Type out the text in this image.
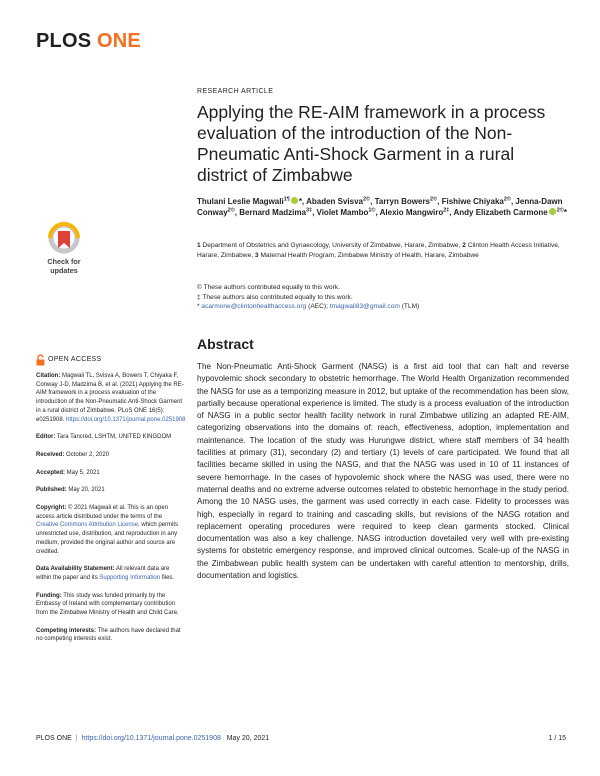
PLOS ONE
RESEARCH ARTICLE
Applying the RE-AIM framework in a process evaluation of the introduction of the Non-Pneumatic Anti-Shock Garment in a rural district of Zimbabwe
Thulani Leslie Magwali$^{1\P}$ *, Abaden Svisva$^{2©}$, Tarryn Bowers$^{2©}$, Fishiwe Chiyaka$^{2©}$, Jenna-Dawn Conway$^{2©}$, Bernard Madzima$^{3\ddagger}$, Violet Mambo$^{1©}$, Alexio Mangwiro$^{2\ddagger}$, Andy Elizabeth Carmone $^{2©}$*
1 Department of Obstetrics and Gynaecology, University of Zimbabwe, Harare, Zimbabwe, 2 Clinton Health Access Initiative, Harare, Zimbabwe, 3 Maternal Health Program, Zimbabwe Ministry of Health, Harare, Zimbabwe
© These authors contributed equally to this work.
‡ These authors also contributed equally to this work.
* acarmone@clintonhealthaccess.org (AEC); tmagwali83@gmail.com (TLM)
Abstract

The Non-Pneumatic Anti-Shock Garment (NASG) is a first aid tool that can halt and reverse hypovolemic shock secondary to obstetric hemorrhage. The World Health Organization recommended the NASG for use as a temporizing measure in 2012, but uptake of the recommendation has been slow, partially because operational experience is limited. The study is a process evaluation of the introduction of NASG in a public sector health facility network in rural Zimbabwe utilizing an adapted RE-AIM, categorizing observations into the domains of: reach, effectiveness, adoption, implementation and maintenance. The location of the study was Hurungwe district, where staff members of 34 health facilities at primary (31), secondary (2) and tertiary (1) levels of care participated. We found that all facilities became skilled in using the NASG, and that the NASG was used in 10 of 11 instances of severe hemorrhage. In the cases of hypovolemic shock where the NASG was used, there were no maternal deaths and no extreme adverse outcomes related to obstetric hemorrhage in the study period. Among the 10 NASG uses, the garment was used correctly in each case. Fidelity to processes was high, especially in regard to training and cascading skills, but revisions of the NASG rotation and replacement operating procedures were required to keep clean garments stocked. Clinical documentation was also a key challenge. NASG introduction dovetailed very well with pre-existing systems for obstetric emergency response, and improved clinical outcomes. Scale-up of the NASG in the Zimbabwean public health system can be undertaken with careful attention to mentorship, drills, documentation and logistics.

Check for
updates
OPEN ACCESS
Citation: Magwali TL, Svisva A, Bowers T, Chiyaka F, Conway J-D, Madzima B, et al. (2021) Applying the RE-AIM framework in a process evaluation of the introduction of the Non-Pneumatic Anti-Shock Garment in a rural district of Zimbabwe. PLoS ONE 16(5): e0251908. https://doi.org/10.1371/journal.pone.0251908
Editor: Tara Tancred, LSHTM, UNITED KINGDOM
Received: October 2, 2020
Accepted: May 5, 2021
Published: May 20, 2021
Copyright: © 2021 Magwali et al. This is an open access article distributed under the terms of the Creative Commons Attribution License, which permits unrestricted use, distribution, and reproduction in any medium, provided the original author and source are credited.
Data Availability Statement: All relevant data are within the paper and its Supporting Information files.
Funding: This study was funded primarily by the Embassy of Ireland with complementary contribution from the Zimbabwe Ministry of Health and Child Care.
Competing interests: The authors have declared that no competing interests exist.
PLOS ONE | https://doi.org/10.1371/journal.pone.0251908 May 20, 2021	1 / 15
